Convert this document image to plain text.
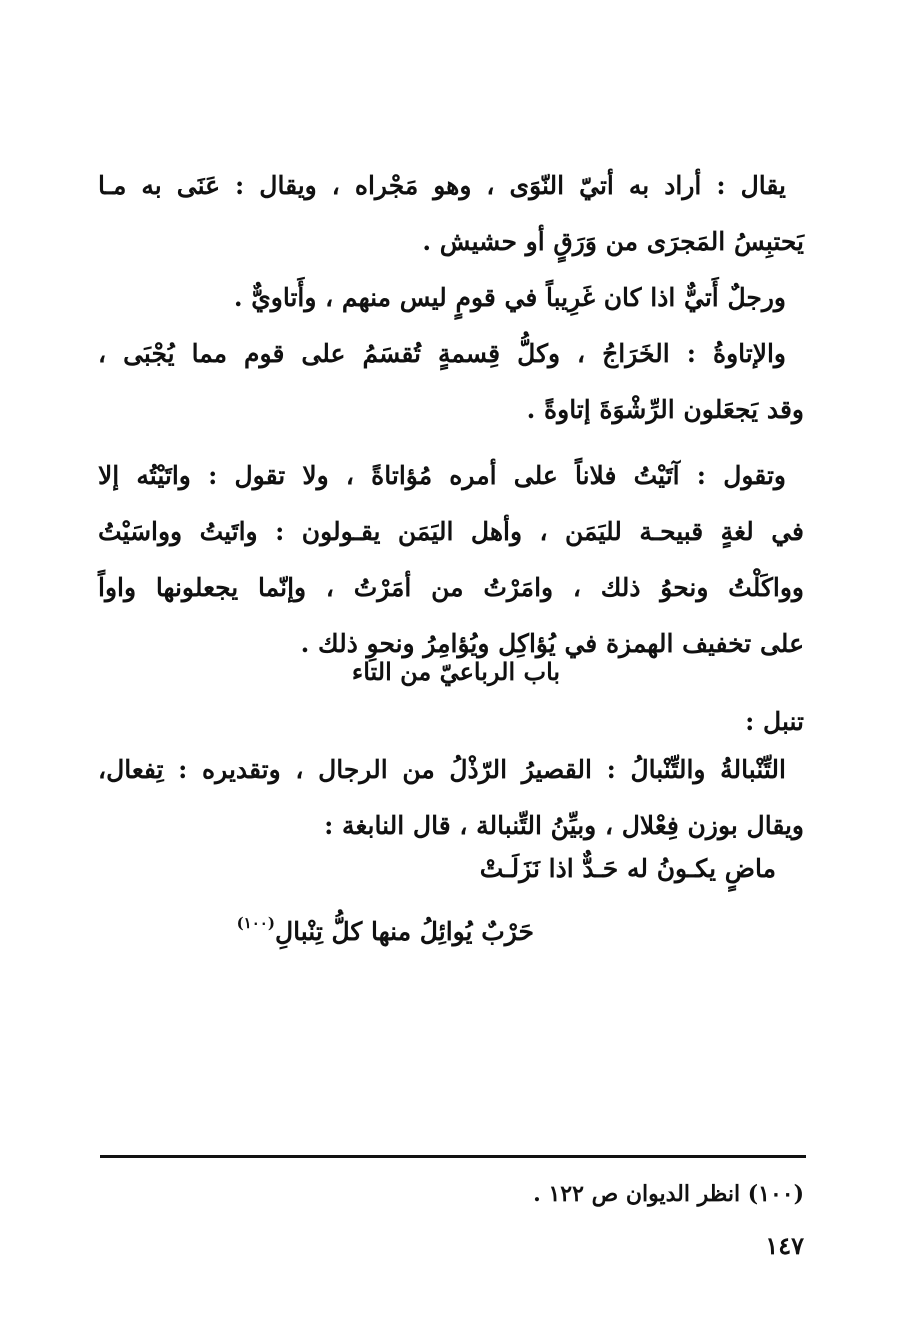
يقال : أراد به أتيّ النّوَى ، وهو مَجْراه ، ويقال : عَنَى به مـا
يَحتبِسُ المَجرَى من وَرَقٍ أو حشيش .
ورجلٌ أَتيٌّ اذا كان غَرِيباً في قومٍ ليس منهم ، وأَتاويٌّ .
والإتاوةُ : الخَرَاجُ ، وكلُّ قِسمةٍ تُقسَمُ على قوم مما يُجْبَى ،
وقد يَجعَلون الرِّشْوَةَ إتاوةً .
وتقول : آتَيْتُ فلاناً على أمره مُؤاتاةً ، ولا تقول : واتَيْتُه إلا
في لغةٍ قبيحـة لليَمَن ، وأهل اليَمَن يقـولون : واتَيتُ وواسَيْتُ
وواكَلْتُ ونحوُ ذلك ، وامَرْتُ من أمَرْتُ ، وإنّما يجعلونها واواً
على تخفيف الهمزة في يُؤاكِل ويُؤامِرُ ونحوِ ذلك .
باب الرباعيّ من التاء
تنبل :
التِّنْبالةُ والتِّنْبالُ : القصيرُ الرّذْلُ من الرجال ، وتقديره : تِفعال،
ويقال بوزن فِعْلال ، وبيِّنُ التِّنبالة ، قال النابغة :
ماضٍ يكـونُ له حَـدٌّ اذا نَزَلَـتْ
حَرْبٌ يُوائِلُ منها كلُّ تِنْبالِ$^{(١٠٠)}$
(١٠٠) انظر الديوان ص ١٢٢ .
١٤٧
